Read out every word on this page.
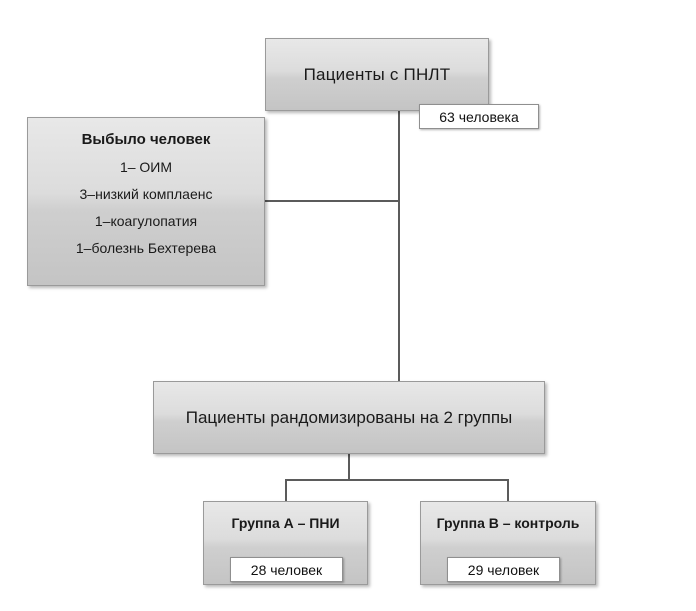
Пациенты с ПНЛТ
63 человека
Выбыло человек
1– ОИМ
3–низкий комплаенс
1–коагулопатия
1–болезнь Бехтерева
Пациенты рандомизированы на 2 группы
Группа А – ПНИ
28 человек
Группа B – контроль
29 человек
